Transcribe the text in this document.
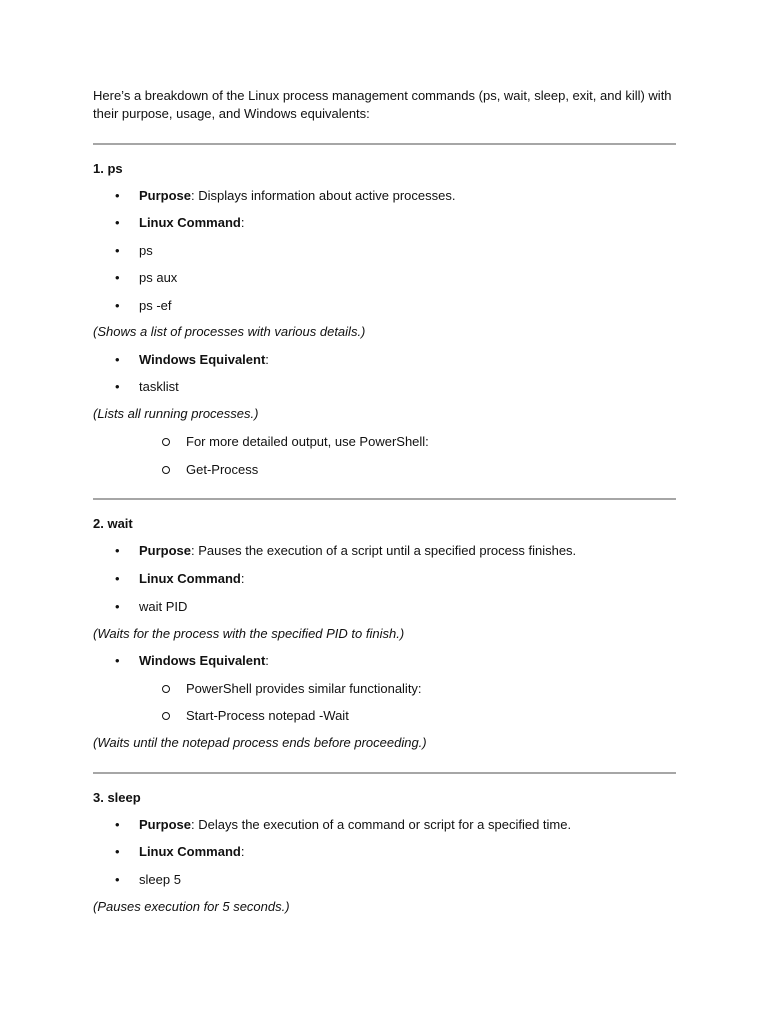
Here’s a breakdown of the Linux process management commands (ps, wait, sleep, exit, and kill) with their purpose, usage, and Windows equivalents:
1. ps
• Purpose: Displays information about active processes.
• Linux Command:
• ps
• ps aux
• ps -ef
(Shows a list of processes with various details.)
• Windows Equivalent:
• tasklist
(Lists all running processes.)
For more detailed output, use PowerShell:
Get-Process
2. wait
• Purpose: Pauses the execution of a script until a specified process finishes.
• Linux Command:
• wait PID
(Waits for the process with the specified PID to finish.)
• Windows Equivalent:
PowerShell provides similar functionality:
Start-Process notepad -Wait
(Waits until the notepad process ends before proceeding.)
3. sleep
• Purpose: Delays the execution of a command or script for a specified time.
• Linux Command:
• sleep 5
(Pauses execution for 5 seconds.)
